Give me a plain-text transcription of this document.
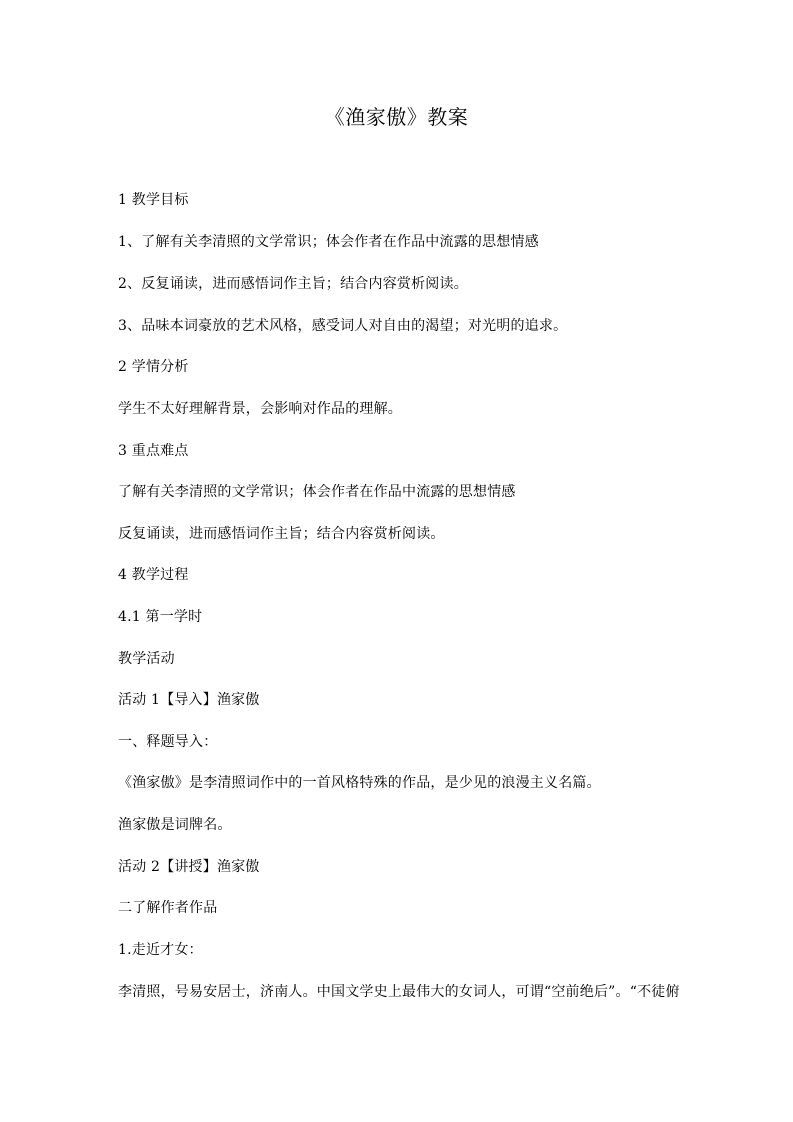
《渔家傲》教案
1 教学目标
1、了解有关李清照的文学常识；体会作者在作品中流露的思想情感
2、反复诵读，进而感悟词作主旨；结合内容赏析阅读。
3、品味本词豪放的艺术风格，感受词人对自由的渴望；对光明的追求。
2 学情分析
学生不太好理解背景，会影响对作品的理解。
3 重点难点
了解有关李清照的文学常识；体会作者在作品中流露的思想情感
反复诵读，进而感悟词作主旨；结合内容赏析阅读。
4 教学过程
4.1 第一学时
教学活动
活动 1【导入】渔家傲
一、释题导入：
《渔家傲》是李清照词作中的一首风格特殊的作品，是少见的浪漫主义名篇。
渔家傲是词牌名。
活动 2【讲授】渔家傲
二了解作者作品
1.走近才女：
李清照，号易安居士，济南人。中国文学史上最伟大的女词人，可谓“空前绝后”。“不徒俯
